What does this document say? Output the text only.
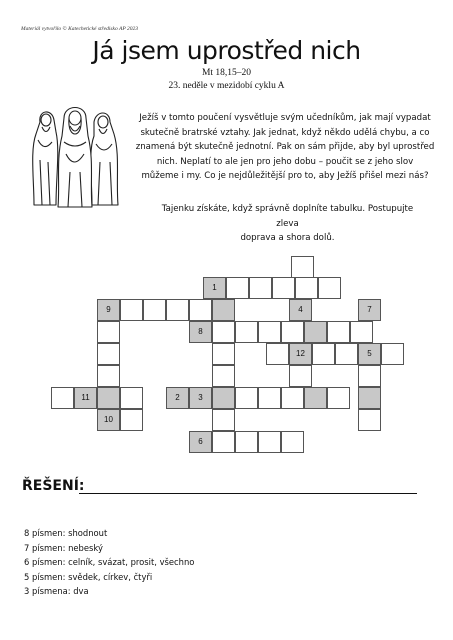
Materiál vytvořilo © Katechetické středisko AP 2023
Já jsem uprostřed nich
Mt 18,15–20
23. neděle v mezidobí cyklu A
Ježíš v tomto poučení vysvětluje svým učedníkům, jak mají vypadat
skutečně bratrské vztahy. Jak jednat, když někdo udělá chybu, a co
znamená být skutečně jednotní. Pak on sám přijde, aby byl uprostřed
nich. Neplatí to ale jen pro jeho dobu – poučit se z jeho slov
můžeme i my. Co je nejdůležitější pro to, aby Ježíš přišel mezi nás?
Tajenku získáte, když správně doplníte tabulku. Postupujte zleva
doprava a shora dolů.
1
9	4	7
8
12	5
11	2	3
10
6
ŘEŠENÍ:
8 písmen: shodnout
7 písmen: nebeský
6 písmen: celník, svázat, prosit, všechno
5 písmen: svědek, církev, čtyři
3 písmena: dva
